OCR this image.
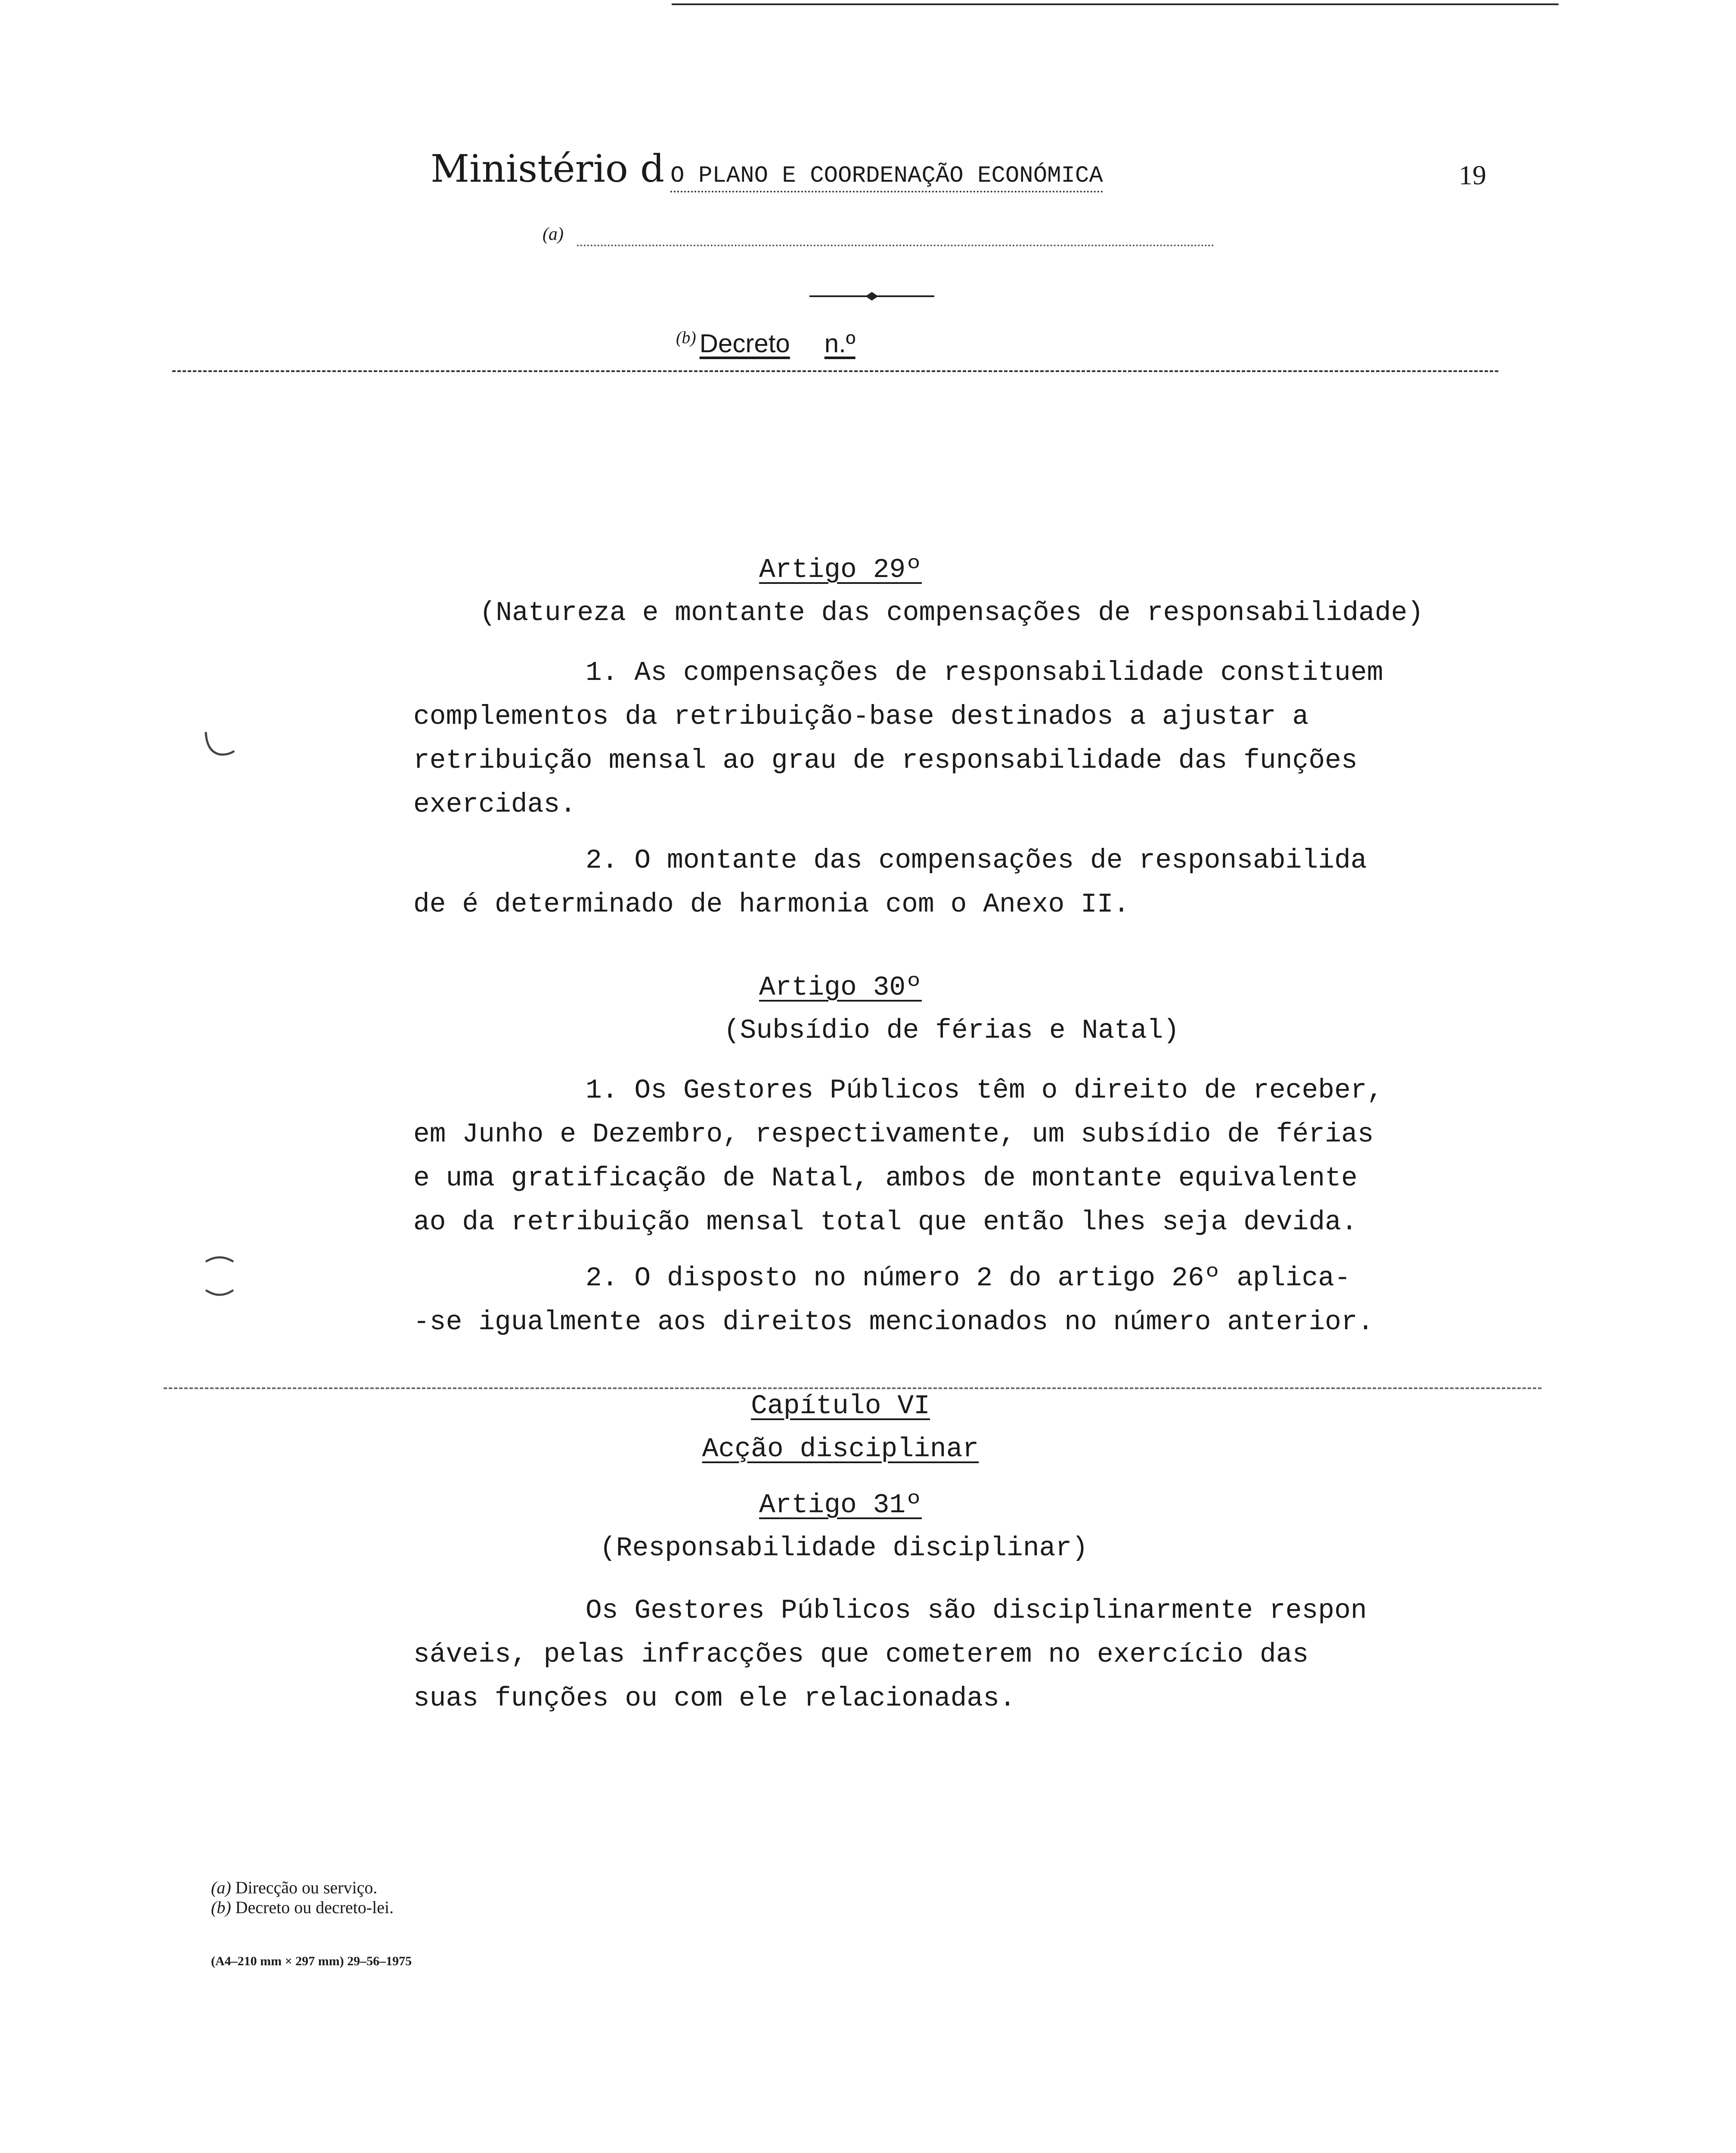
Ministério d O PLANO E COORDENAÇÃO ECONÓMICA	19
(a)
$^{(b)}$ Decreto n.º
Artigo 29º
(Natureza e montante das compensações de responsabilidade)
1. As compensações de responsabilidade constituem
complementos da retribuição-base destinados a ajustar a
retribuição mensal ao grau de responsabilidade das funções
exercidas.
2. O montante das compensações de responsabilida
de é determinado de harmonia com o Anexo II.
Artigo 30º
(Subsídio de férias e Natal)
1. Os Gestores Públicos têm o direito de receber,
em Junho e Dezembro, respectivamente, um subsídio de férias
e uma gratificação de Natal, ambos de montante equivalente
ao da retribuição mensal total que então lhes seja devida.
2. O disposto no número 2 do artigo 26º aplica-
-se igualmente aos direitos mencionados no número anterior.
Capítulo VI
Acção disciplinar
Artigo 31º
(Responsabilidade disciplinar)
Os Gestores Públicos são disciplinarmente respon
sáveis, pelas infracções que cometerem no exercício das
suas funções ou com ele relacionadas.
(a) Direcção ou serviço.
(b) Decreto ou decreto-lei.
(A4–210 mm × 297 mm) 29–56–1975
